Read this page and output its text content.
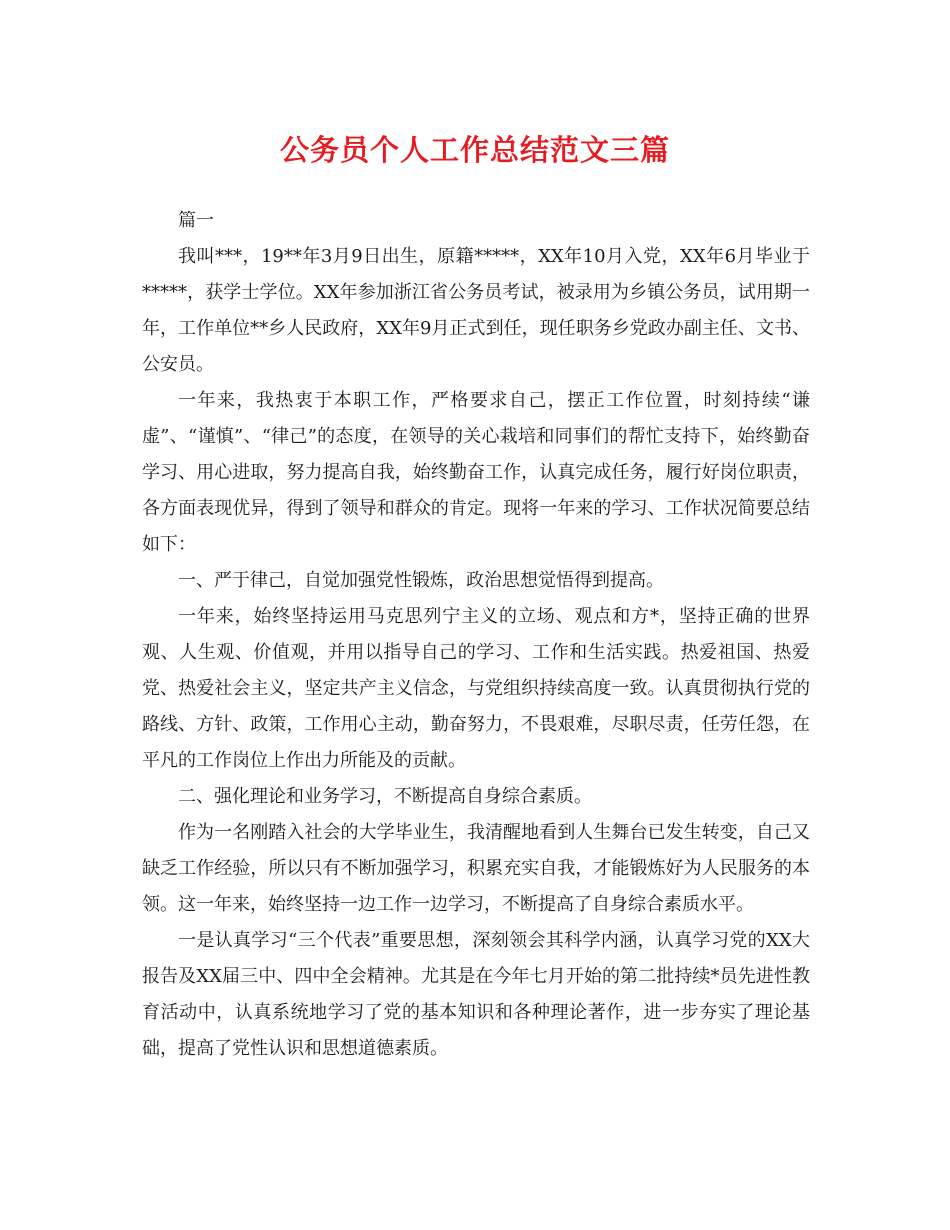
公务员个人工作总结范文三篇

篇一

我叫***，19**年3月9日出生，原籍*****，XX年10月入党，XX年6月毕业于*****，获学士学位。XX年参加浙江省公务员考试，被录用为乡镇公务员，试用期一年，工作单位**乡人民政府，XX年9月正式到任，现任职务乡党政办副主任、文书、公安员。

一年来，我热衷于本职工作，严格要求自己，摆正工作位置，时刻持续“谦虚”、“谨慎”、“律己”的态度，在领导的关心栽培和同事们的帮忙支持下，始终勤奋学习、用心进取，努力提高自我，始终勤奋工作，认真完成任务，履行好岗位职责，各方面表现优异，得到了领导和群众的肯定。现将一年来的学习、工作状况简要总结如下：

一、严于律己，自觉加强党性锻炼，政治思想觉悟得到提高。

一年来，始终坚持运用马克思列宁主义的立场、观点和方*，坚持正确的世界观、人生观、价值观，并用以指导自己的学习、工作和生活实践。热爱祖国、热爱党、热爱社会主义，坚定共产主义信念，与党组织持续高度一致。认真贯彻执行党的路线、方针、政策，工作用心主动，勤奋努力，不畏艰难，尽职尽责，任劳任怨，在平凡的工作岗位上作出力所能及的贡献。

二、强化理论和业务学习，不断提高自身综合素质。

作为一名刚踏入社会的大学毕业生，我清醒地看到人生舞台已发生转变，自己又缺乏工作经验，所以只有不断加强学习，积累充实自我，才能锻炼好为人民服务的本领。这一年来，始终坚持一边工作一边学习，不断提高了自身综合素质水平。

一是认真学习“三个代表”重要思想，深刻领会其科学内涵，认真学习党的XX大报告及XX届三中、四中全会精神。尤其是在今年七月开始的第二批持续*员先进性教育活动中，认真系统地学习了党的基本知识和各种理论著作，进一步夯实了理论基础，提高了党性认识和思想道德素质。
